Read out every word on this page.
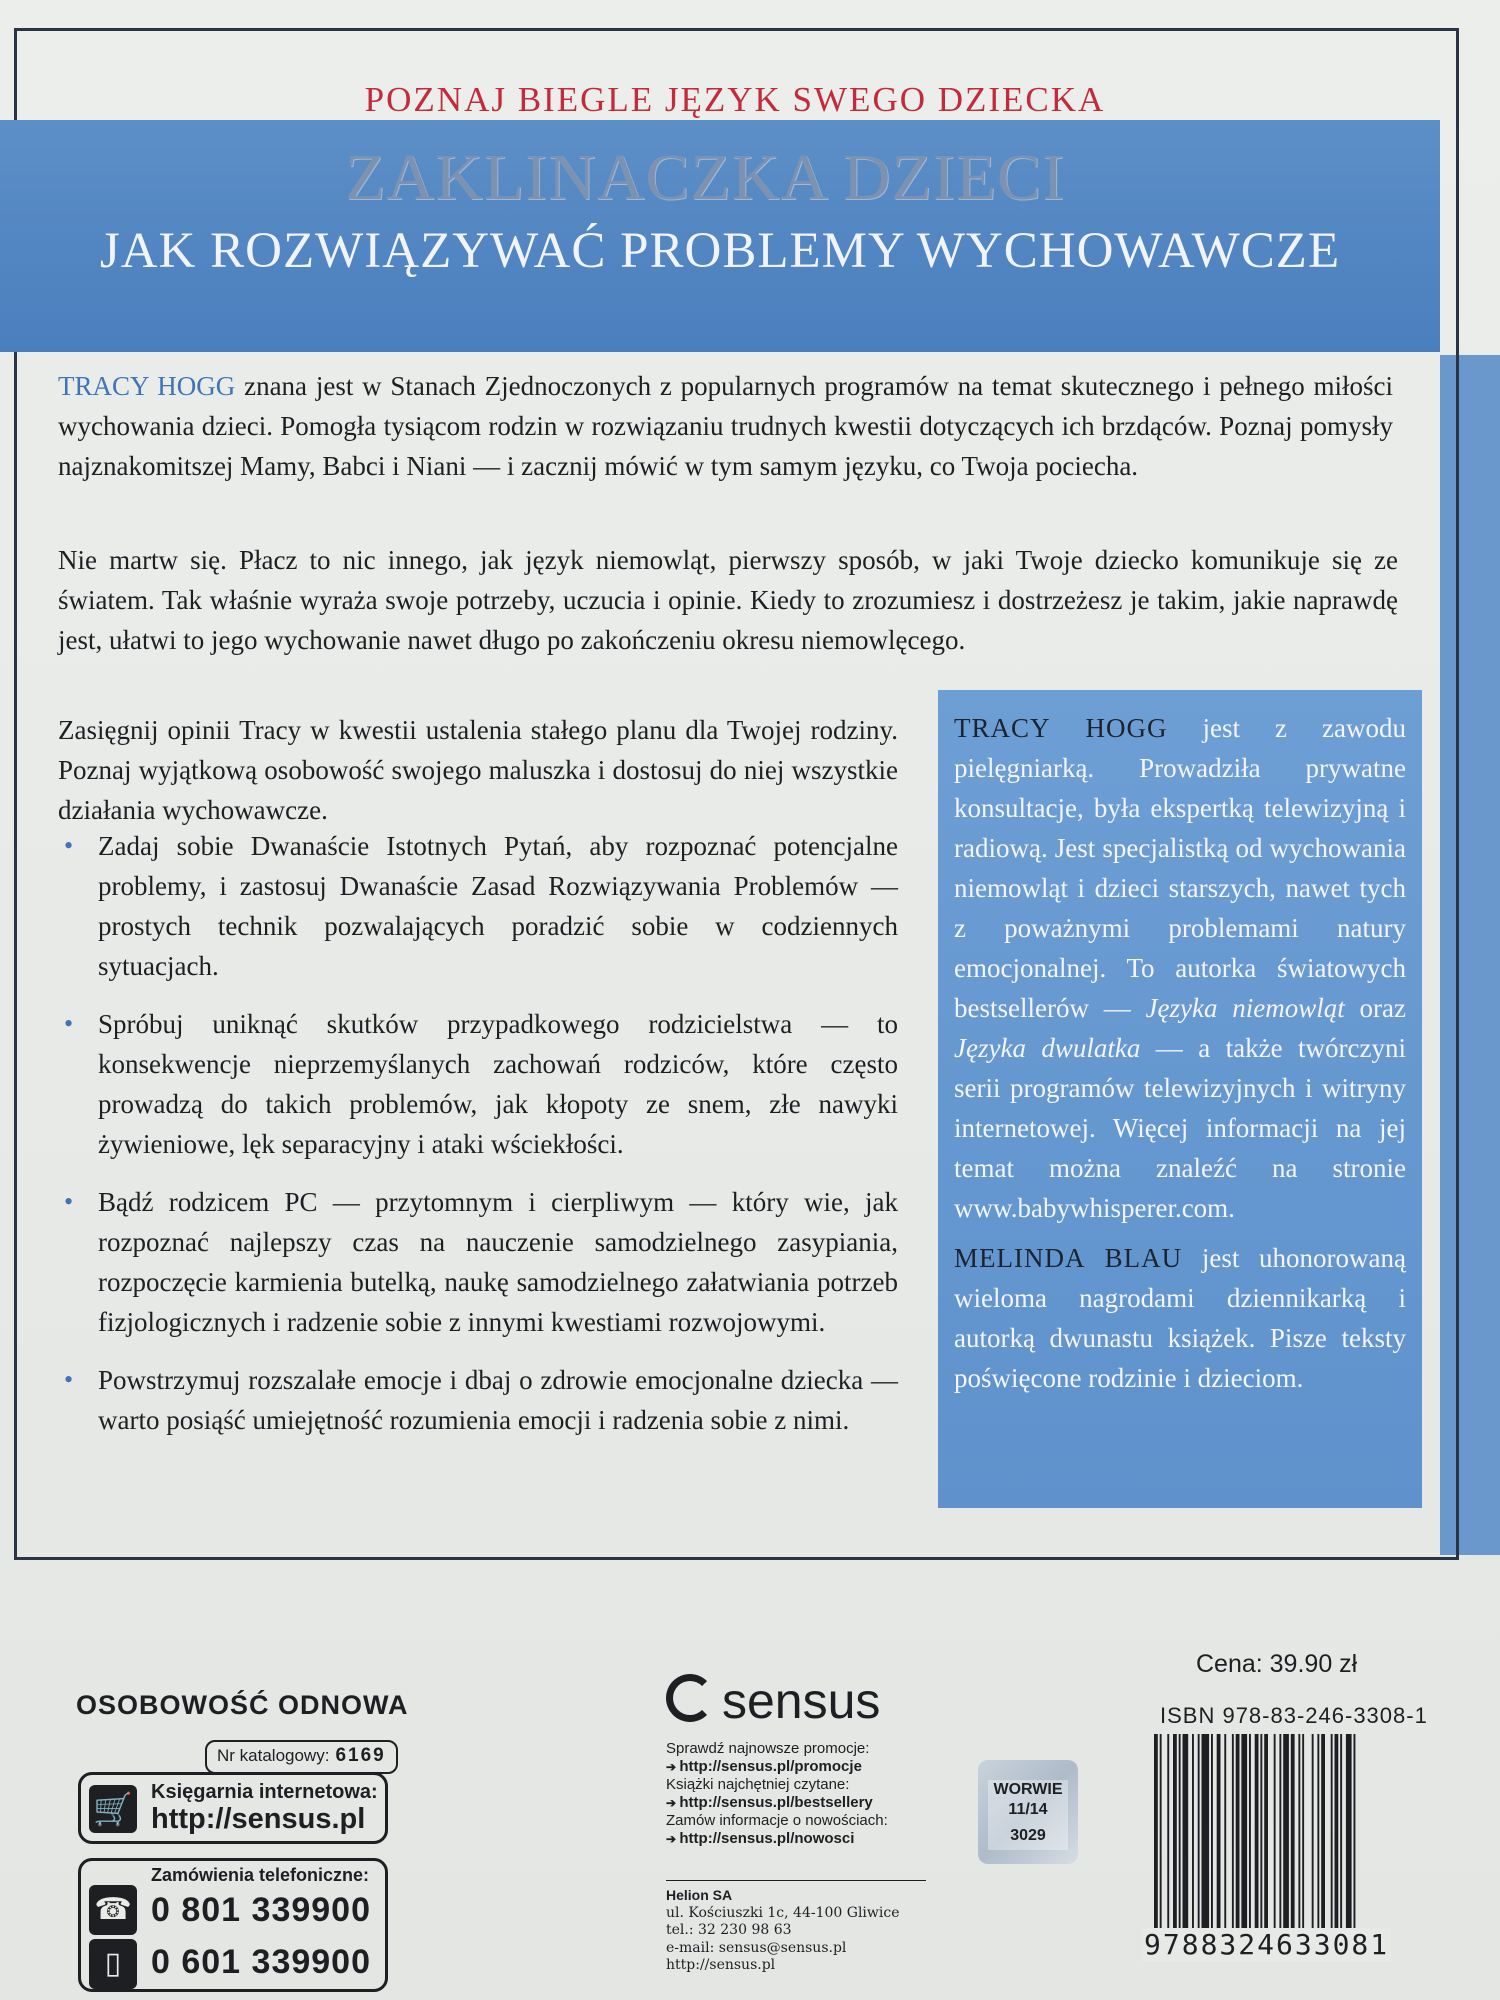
POZNAJ BIEGLE JĘZYK SWEGO DZIECKA
ZAKLINACZKA DZIECI
JAK ROZWIĄZYWAĆ PROBLEMY WYCHOWAWCZE
TRACY HOGG znana jest w Stanach Zjednoczonych z popularnych programów na temat skutecznego i pełnego miłości wychowania dzieci. Pomogła tysiącom rodzin w rozwiązaniu trudnych kwestii dotyczących ich brzdąców. Poznaj pomysły najznakomitszej Mamy, Babci i Niani — i zacznij mówić w tym samym języku, co Twoja pociecha.
Nie martw się. Płacz to nic innego, jak język niemowląt, pierwszy sposób, w jaki Twoje dziecko komunikuje się ze światem. Tak właśnie wyraża swoje potrzeby, uczucia i opinie. Kiedy to zrozumiesz i dostrzeżesz je takim, jakie naprawdę jest, ułatwi to jego wychowanie nawet długo po zakończeniu okresu niemowlęcego.
Zasięgnij opinii Tracy w kwestii ustalenia stałego planu dla Twojej rodziny. Poznaj wyjątkową osobowość swojego maluszka i dostosuj do niej wszystkie działania wychowawcze.
• Zadaj sobie Dwanaście Istotnych Pytań, aby rozpoznać potencjalne problemy, i zastosuj Dwanaście Zasad Rozwiązywania Problemów — prostych technik pozwalających poradzić sobie w codziennych sytuacjach.
• Spróbuj uniknąć skutków przypadkowego rodzicielstwa — to konsekwencje nieprzemyślanych zachowań rodziców, które często prowadzą do takich problemów, jak kłopoty ze snem, złe nawyki żywieniowe, lęk separacyjny i ataki wściekłości.
• Bądź rodzicem PC — przytomnym i cierpliwym — który wie, jak rozpoznać najlepszy czas na nauczenie samodzielnego zasypiania, rozpoczęcie karmienia butelką, naukę samodzielnego załatwiania potrzeb fizjologicznych i radzenie sobie z innymi kwestiami rozwojowymi.
• Powstrzymuj rozszalałe emocje i dbaj o zdrowie emocjonalne dziecka — warto posiąść umiejętność rozumienia emocji i radzenia sobie z nimi.

TRACY HOGG jest z zawodu pielęgniarką. Prowadziła prywatne konsultacje, była ekspertką telewizyjną i radiową. Jest specjalistką od wychowania niemowląt i dzieci starszych, nawet tych z poważnymi problemami natury emocjonalnej. To autorka światowych bestsellerów — Języka niemowląt oraz Języka dwulatka — a także twórczyni serii programów telewizyjnych i witryny internetowej. Więcej informacji na jej temat można znaleźć na stronie www.babywhisperer.com.

MELINDA BLAU jest uhonorowaną wieloma nagrodami dziennikarką i autorką dwunastu książek. Pisze teksty poświęcone rodzinie i dzieciom.

OSOBOWOŚĆ ODNOWA
Nr katalogowy: 6169
🛒 Księgarnia internetowa:
http://sensus.pl
Zamówienia telefoniczne:
☎ 0 801 339900
▯ 0 601 339900
sensus
Sprawdź najnowsze promocje:
➔ http://sensus.pl/promocje
Książki najchętniej czytane:
➔ http://sensus.pl/bestsellery
Zamów informacje o nowościach:
➔ http://sensus.pl/nowosci
Helion SA
ul. Kościuszki 1c, 44-100 Gliwice
tel.: 32 230 98 63
e-mail: sensus@sensus.pl
http://sensus.pl
WORWIE
11/14
3029
Cena: 39.90 zł
ISBN 978-83-246-3308-1
9788324633081
